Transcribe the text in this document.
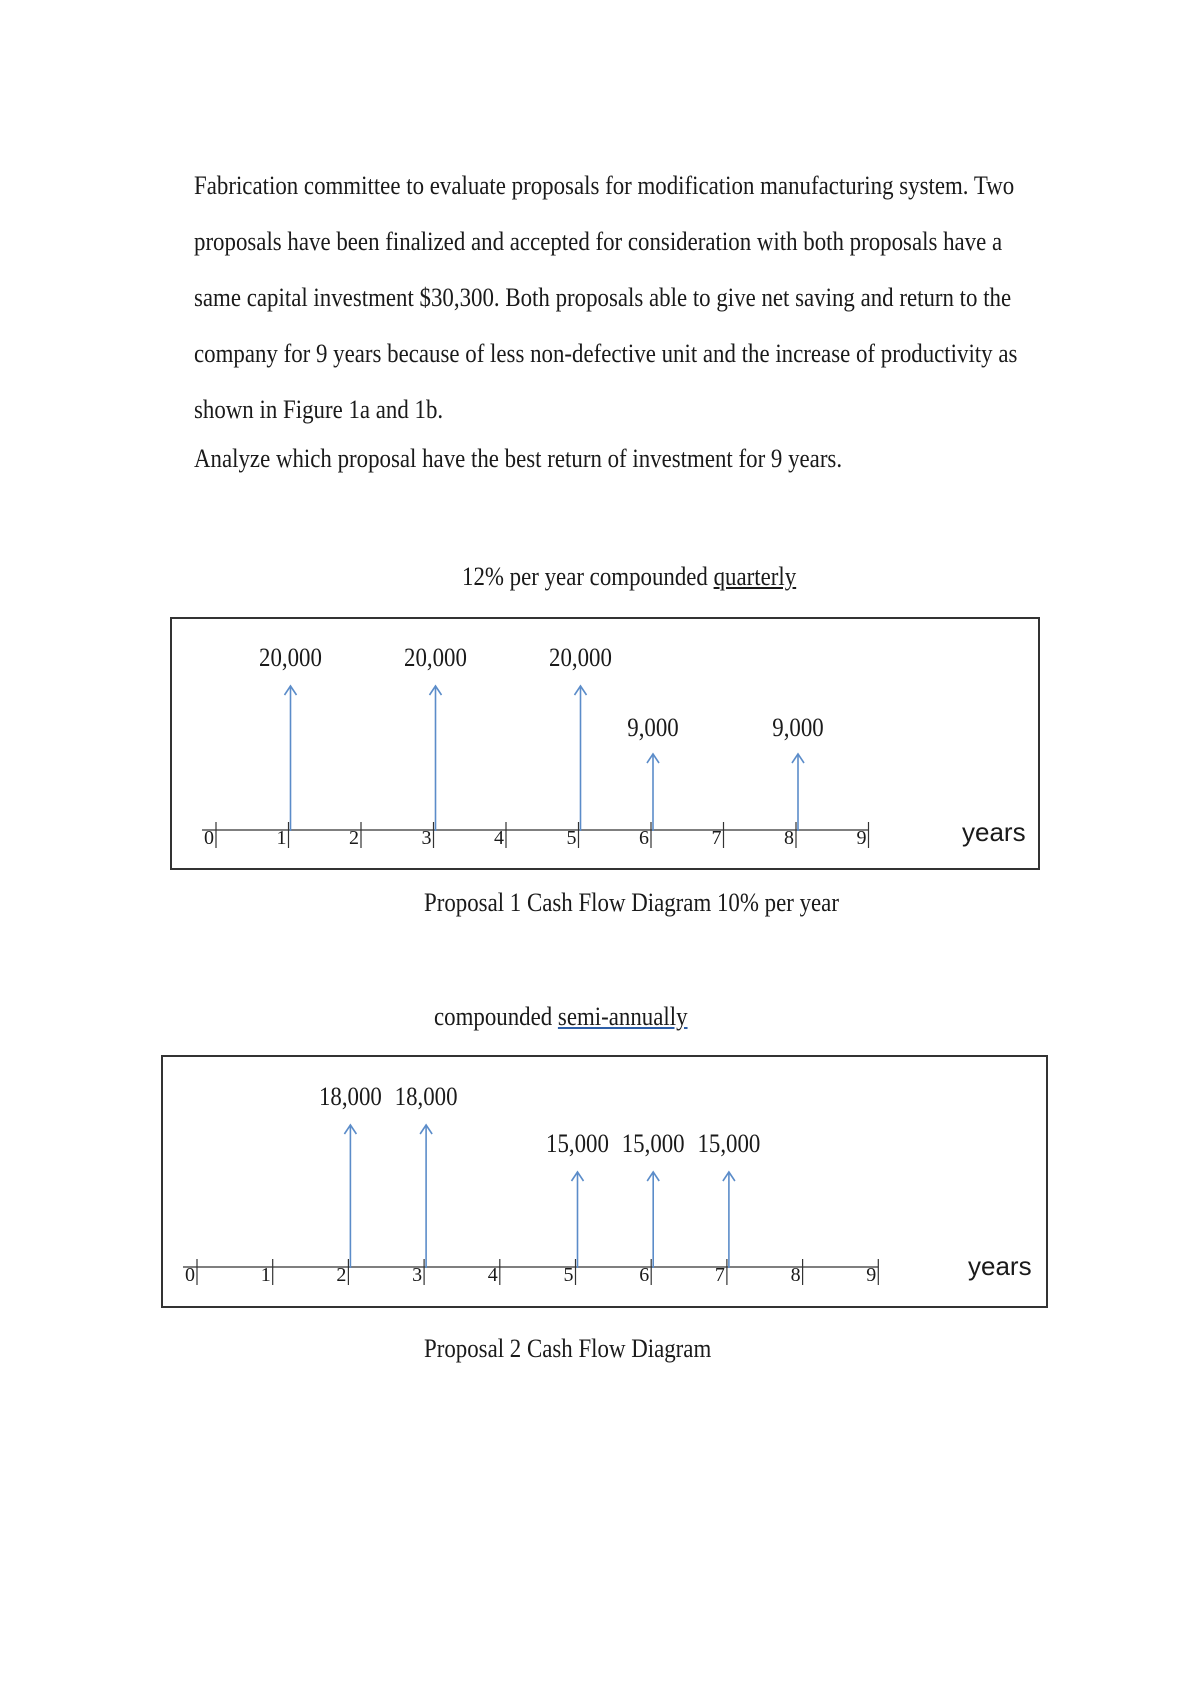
Fabrication committee to evaluate proposals for modification manufacturing system. Two
proposals have been finalized and accepted for consideration with both proposals have a
same capital investment $30,300. Both proposals able to give net saving and return to the
company for 9 years because of less non-defective unit and the increase of productivity as
shown in Figure 1a and 1b.
Analyze which proposal have the best return of investment for 9 years.
12% per year compounded quarterly
0	1	2	3	4	5	6	7	8	9	years
20,000	20,000	20,000
9,000	9,000
Proposal 1 Cash Flow Diagram 10% per year
compounded semi-annually
0	1	2	3	4	5	6	7	8	9	years
18,000 18,000
15,000 15,000 15,000
Proposal 2 Cash Flow Diagram
